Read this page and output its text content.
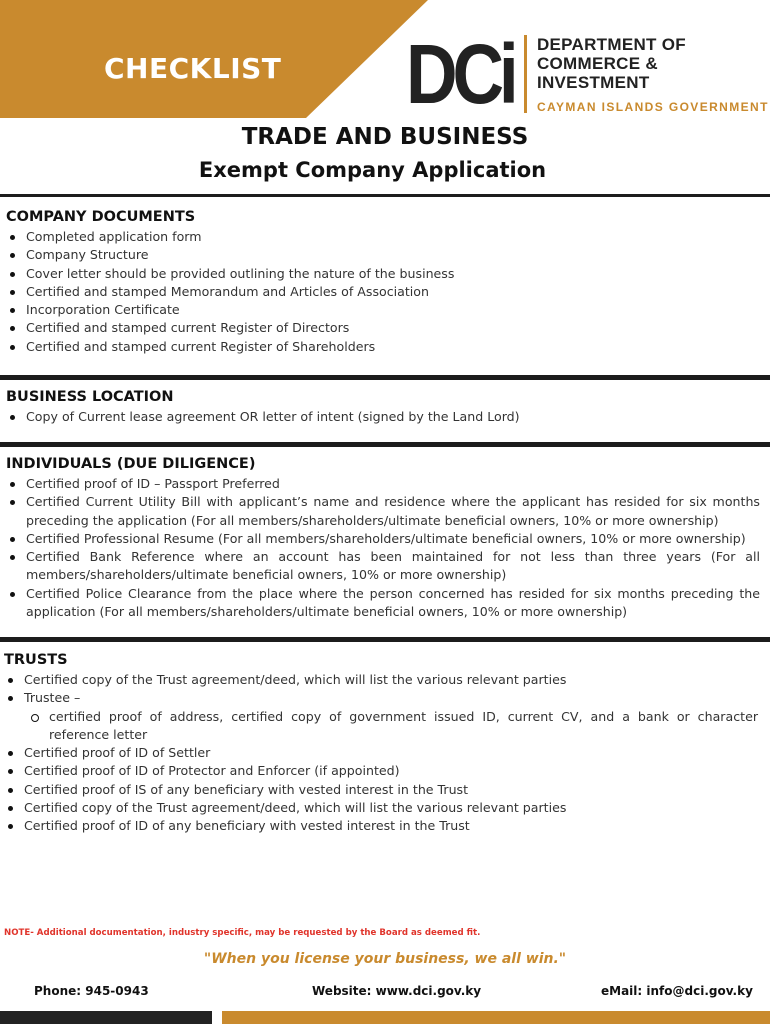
CHECKLIST DCi DEPARTMENT OF
COMMERCE & INVESTMENT
CAYMAN ISLANDS GOVERNMENT
TRADE AND BUSINESS
Exempt Company Application
COMPANY DOCUMENTS
Completed application form
Company Structure
Cover letter should be provided outlining the nature of the business
Certified and stamped Memorandum and Articles of Association
Incorporation Certificate
Certified and stamped current Register of Directors
Certified and stamped current Register of Shareholders
BUSINESS LOCATION
Copy of Current lease agreement OR letter of intent (signed by the Land Lord)
INDIVIDUALS (DUE DILIGENCE)
Certified proof of ID – Passport Preferred
Certified Current Utility Bill with applicant’s name and residence where the applicant has resided for six months preceding the application (For all members/shareholders/ultimate beneficial owners, 10% or more ownership)
Certified Professional Resume (For all members/shareholders/ultimate beneficial owners, 10% or more ownership)
Certified Bank Reference where an account has been maintained for not less than three years (For all members/shareholders/ultimate beneficial owners, 10% or more ownership)
Certified Police Clearance from the place where the person concerned has resided for six months preceding the application (For all members/shareholders/ultimate beneficial owners, 10% or more ownership)
TRUSTS
Certified copy of the Trust agreement/deed, which will list the various relevant parties
Trustee –
certified proof of address, certified copy of government issued ID, current CV, and a bank or character reference letter
Certified proof of ID of Settler
Certified proof of ID of Protector and Enforcer (if appointed)
Certified proof of IS of any beneficiary with vested interest in the Trust
Certified copy of the Trust agreement/deed, which will list the various relevant parties
Certified proof of ID of any beneficiary with vested interest in the Trust
NOTE- Additional documentation, industry specific, may be requested by the Board as deemed fit.
"When you license your business, we all win."
Phone: 945-0943	Website: www.dci.gov.ky	eMail: info@dci.gov.ky
